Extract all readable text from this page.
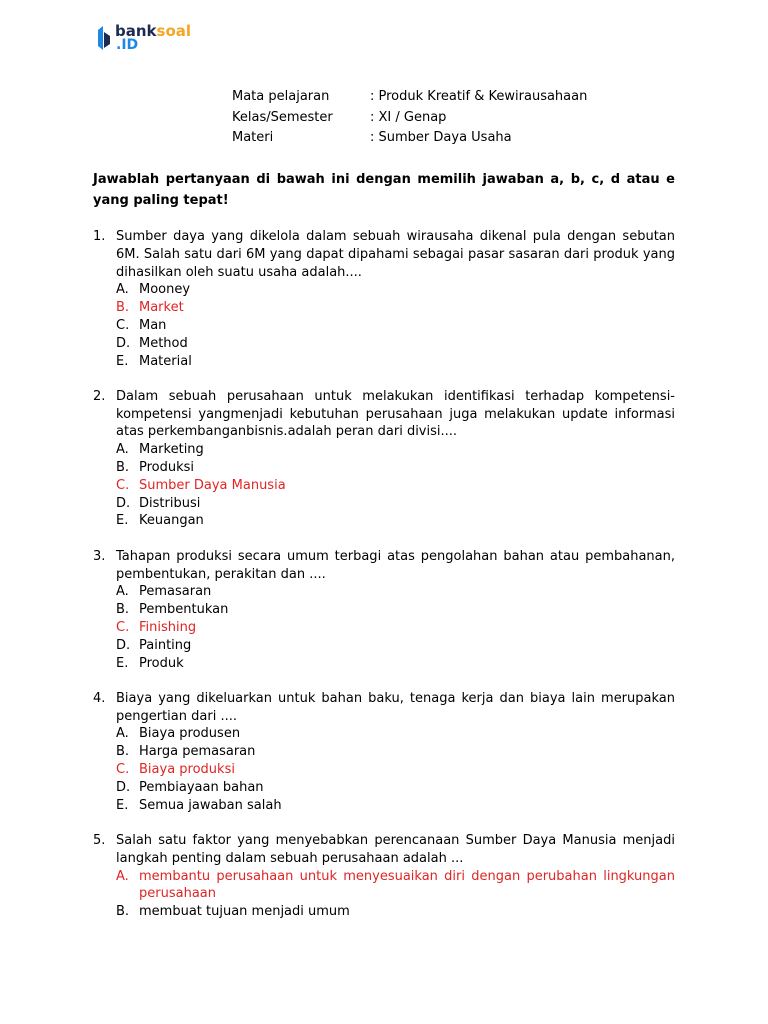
banksoal
.ID
Mata pelajaran	: Produk Kreatif & Kewirausahaan
Kelas/Semester	: XI / Genap
Materi	: Sumber Daya Usaha
Jawablah pertanyaan di bawah ini dengan memilih jawaban a, b, c, d atau e yang paling tepat!
1. Sumber daya yang dikelola dalam sebuah wirausaha dikenal pula dengan sebutan 6M. Salah satu dari 6M yang dapat dipahami sebagai pasar sasaran dari produk yang dihasilkan oleh suatu usaha adalah....
A. Mooney
B. Market
C. Man
D. Method
E. Material
2. Dalam sebuah perusahaan untuk melakukan identifikasi terhadap kompetensi-kompetensi yangmenjadi kebutuhan perusahaan juga melakukan update informasi atas perkembanganbisnis.adalah peran dari divisi....
A. Marketing
B. Produksi
C. Sumber Daya Manusia
D. Distribusi
E. Keuangan
3. Tahapan produksi secara umum terbagi atas pengolahan bahan atau pembahanan, pembentukan, perakitan dan ....
A. Pemasaran
B. Pembentukan
C. Finishing
D. Painting
E. Produk
4. Biaya yang dikeluarkan untuk bahan baku, tenaga kerja dan biaya lain merupakan pengertian dari ....
A. Biaya produsen
B. Harga pemasaran
C. Biaya produksi
D. Pembiayaan bahan
E. Semua jawaban salah
5. Salah satu faktor yang menyebabkan perencanaan Sumber Daya Manusia menjadi langkah penting dalam sebuah perusahaan adalah ...
A. membantu perusahaan untuk menyesuaikan diri dengan perubahan lingkungan perusahaan
B. membuat tujuan menjadi umum
